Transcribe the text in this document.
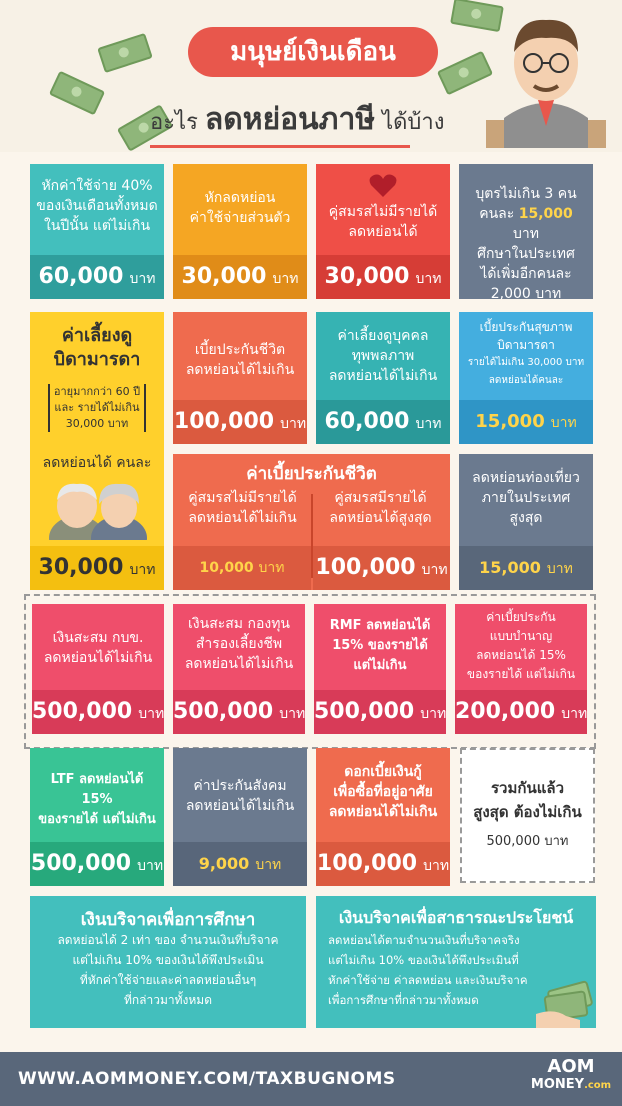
มนุษย์เงินเดือน
อะไร ลดหย่อนภาษี ได้บ้าง
หักค่าใช้จ่าย 40%
ของเงินเดือนทั้งหมด
ในปีนั้น แต่ไม่เกิน
60,000 บาท
หักลดหย่อน
ค่าใช้จ่ายส่วนตัว
30,000 บาท
คู่สมรสไม่มีรายได้
ลดหย่อนได้
30,000 บาท
บุตรไม่เกิน 3 คน
คนละ 15,000 บาท
ศึกษาในประเทศ
ได้เพิ่มอีกคนละ
2,000 บาท
ค่าเลี้ยงดู
บิดามารดา
อายุมากกว่า 60 ปี
และ รายได้ไม่เกิน
30,000 บาท
ลดหย่อนได้ คนละ
30,000 บาท
เบี้ยประกันชีวิต
ลดหย่อนได้ไม่เกิน
100,000 บาท
ค่าเลี้ยงดูบุคคล
ทุพพลภาพ
ลดหย่อนได้ไม่เกิน
60,000 บาท
เบี้ยประกันสุขภาพ
บิดามารดา
รายได้ไม่เกิน 30,000 บาท
ลดหย่อนได้คนละ
15,000 บาท
ค่าเบี้ยประกันชีวิต
คู่สมรสไม่มีรายได้
ลดหย่อนได้ไม่เกิน
คู่สมรสมีรายได้
ลดหย่อนได้สูงสุด
10,000 บาท	100,000 บาท
ลดหย่อนท่องเที่ยว
ภายในประเทศ
สูงสุด
15,000 บาท
เงินสะสม กบข.
ลดหย่อนได้ไม่เกิน
500,000 บาท
เงินสะสม กองทุน
สำรองเลี้ยงชีพ
ลดหย่อนได้ไม่เกิน
500,000 บาท
RMF ลดหย่อนได้
15% ของรายได้
แต่ไม่เกิน
500,000 บาท
ค่าเบี้ยประกัน
แบบบำนาญ
ลดหย่อนได้ 15%
ของรายได้ แต่ไม่เกิน
200,000 บาท
LTF ลดหย่อนได้ 15%
ของรายได้ แต่ไม่เกิน
500,000 บาท
ค่าประกันสังคม
ลดหย่อนได้ไม่เกิน
9,000 บาท
ดอกเบี้ยเงินกู้
เพื่อซื้อที่อยู่อาศัย
ลดหย่อนได้ไม่เกิน
100,000 บาท
เงินบริจาคเพื่อการศึกษา
ลดหย่อนได้ 2 เท่า ของ จำนวนเงินที่บริจาค
แต่ไม่เกิน 10% ของเงินได้พึงประเมิน
ที่หักค่าใช้จ่ายและค่าลดหย่อนอื่นๆ
ที่กล่าวมาทั้งหมด
เงินบริจาคเพื่อสาธารณะประโยชน์
ลดหย่อนได้ตามจำนวนเงินที่บริจาคจริง
แต่ไม่เกิน 10% ของเงินได้พึงประเมินที่
หักค่าใช้จ่าย ค่าลดหย่อน และเงินบริจาค
เพื่อการศึกษาที่กล่าวมาทั้งหมด
รวมกันแล้ว
สูงสุด ต้องไม่เกิน
500,000 บาท
WWW.AOMMONEY.COM/TAXBUGNOMS
AOM
MONEY.com
